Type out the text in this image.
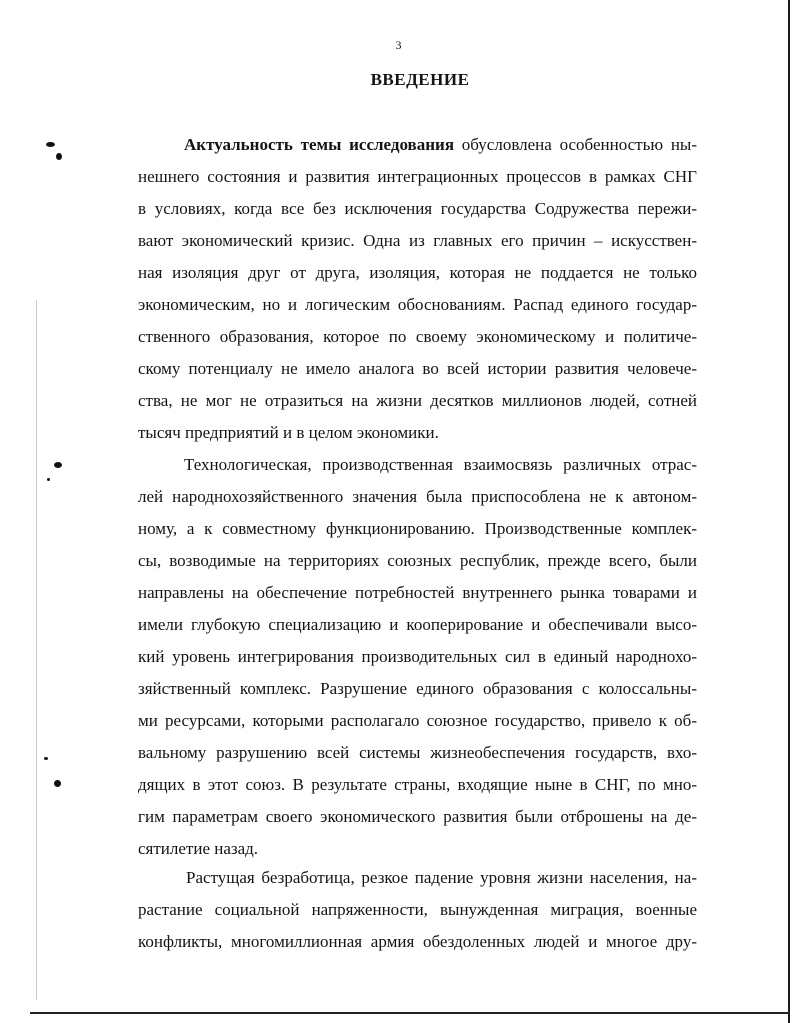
3
ВВЕДЕНИЕ
Актуальность темы исследования обусловлена особенностью ны-
нешнего состояния и развития интеграционных процессов в рамках СНГ
в условиях, когда все без исключения государства Содружества пережи-
вают экономический кризис. Одна из главных его причин – искусствен-
ная изоляция друг от друга, изоляция, которая не поддается не только
экономическим, но и логическим обоснованиям. Распад единого государ-
ственного образования, которое по своему экономическому и политиче-
скому потенциалу не имело аналога во всей истории развития человече-
ства, не мог не отразиться на жизни десятков миллионов людей, сотней
тысяч предприятий и в целом экономики.
Технологическая, производственная взаимосвязь различных отрас-
лей народнохозяйственного значения была приспособлена не к автоном-
ному, а к совместному функционированию. Производственные комплек-
сы, возводимые на территориях союзных республик, прежде всего, были
направлены на обеспечение потребностей внутреннего рынка товарами и
имели глубокую специализацию и кооперирование и обеспечивали высо-
кий уровень интегрирования производительных сил в единый народнохо-
зяйственный комплекс. Разрушение единого образования с колоссальны-
ми ресурсами, которыми располагало союзное государство, привело к об-
вальному разрушению всей системы жизнеобеспечения государств, вхо-
дящих в этот союз. В результате страны, входящие ныне в СНГ, по мно-
гим параметрам своего экономического развития были отброшены на де-
сятилетие назад.
Растущая безработица, резкое падение уровня жизни населения, на-
растание социальной напряженности, вынужденная миграция, военные
конфликты, многомиллионная армия обездоленных людей и многое дру-
